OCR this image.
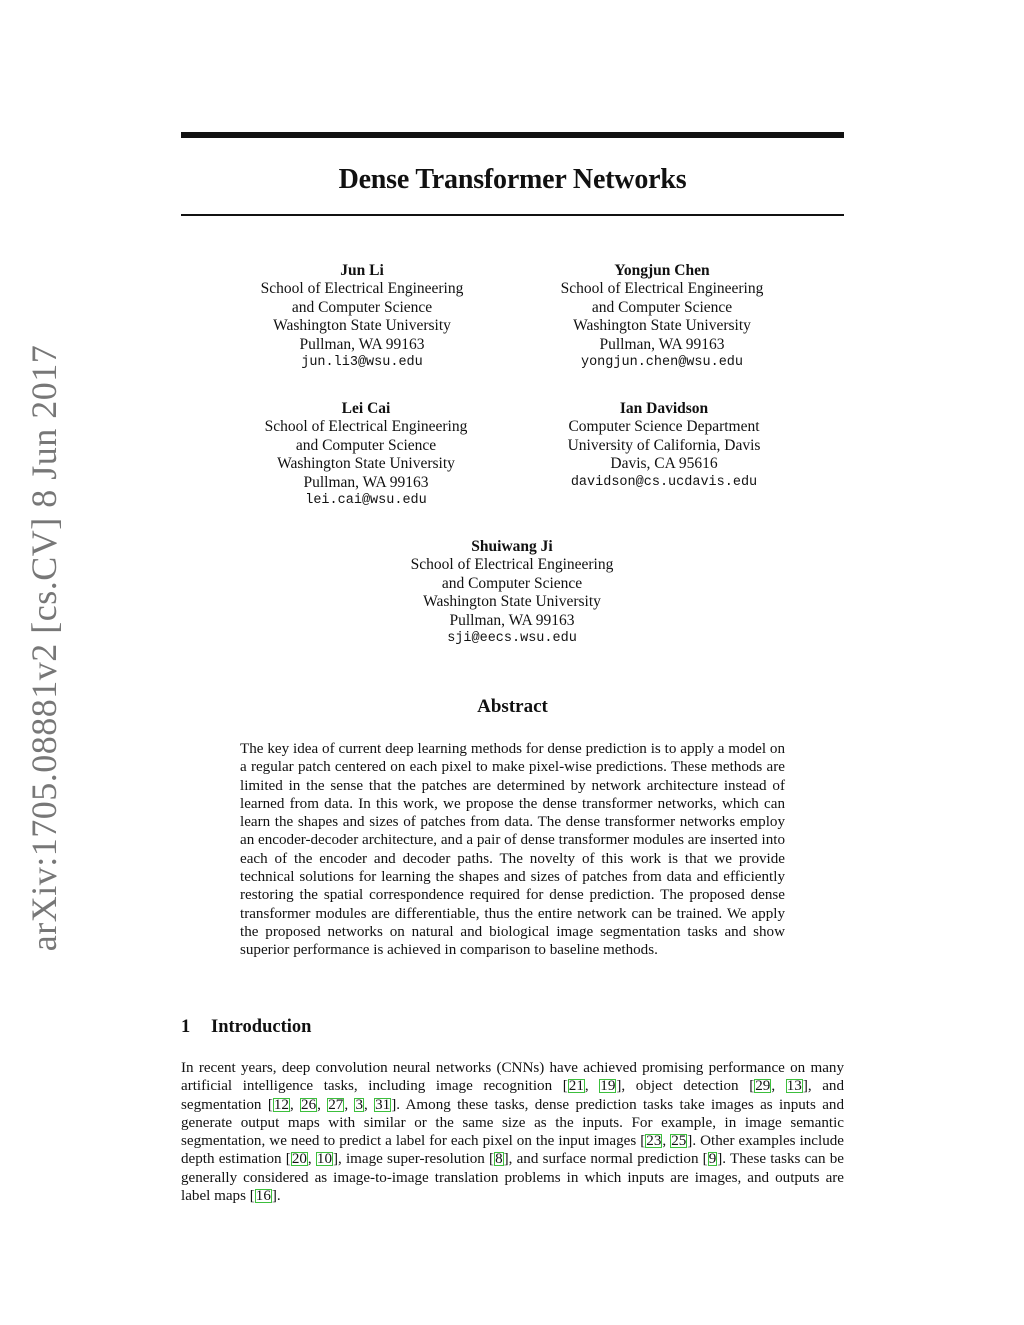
arXiv:1705.08881v2 [cs.CV] 8 Jun 2017
Dense Transformer Networks
Jun Li
School of Electrical Engineering
and Computer Science
Washington State University
Pullman, WA 99163
jun.li3@wsu.edu
Yongjun Chen
School of Electrical Engineering
and Computer Science
Washington State University
Pullman, WA 99163
yongjun.chen@wsu.edu
Lei Cai
School of Electrical Engineering
and Computer Science
Washington State University
Pullman, WA 99163
lei.cai@wsu.edu
Ian Davidson
Computer Science Department
University of California, Davis
Davis, CA 95616
davidson@cs.ucdavis.edu
Shuiwang Ji
School of Electrical Engineering
and Computer Science
Washington State University
Pullman, WA 99163
sji@eecs.wsu.edu
Abstract

The key idea of current deep learning methods for dense prediction is to apply a model on a regular patch centered on each pixel to make pixel-wise predictions. These methods are limited in the sense that the patches are determined by network architecture instead of learned from data. In this work, we propose the dense transformer networks, which can learn the shapes and sizes of patches from data. The dense transformer networks employ an encoder-decoder architecture, and a pair of dense transformer modules are inserted into each of the encoder and decoder paths. The novelty of this work is that we provide technical solutions for learning the shapes and sizes of patches from data and efficiently restoring the spatial correspondence required for dense prediction. The proposed dense transformer modules are differentiable, thus the entire network can be trained. We apply the proposed networks on natural and biological image segmentation tasks and show superior performance is achieved in comparison to baseline methods.

1 Introduction

In recent years, deep convolution neural networks (CNNs) have achieved promising performance on many artificial intelligence tasks, including image recognition [21, 19], object detection [29, 13], and segmentation [12, 26, 27, 3, 31]. Among these tasks, dense prediction tasks take images as inputs and generate output maps with similar or the same size as the inputs. For example, in image semantic segmentation, we need to predict a label for each pixel on the input images [23, 25]. Other examples include depth estimation [20, 10], image super-resolution [8], and surface normal prediction [9]. These tasks can be generally considered as image-to-image translation problems in which inputs are images, and outputs are label maps [16].
